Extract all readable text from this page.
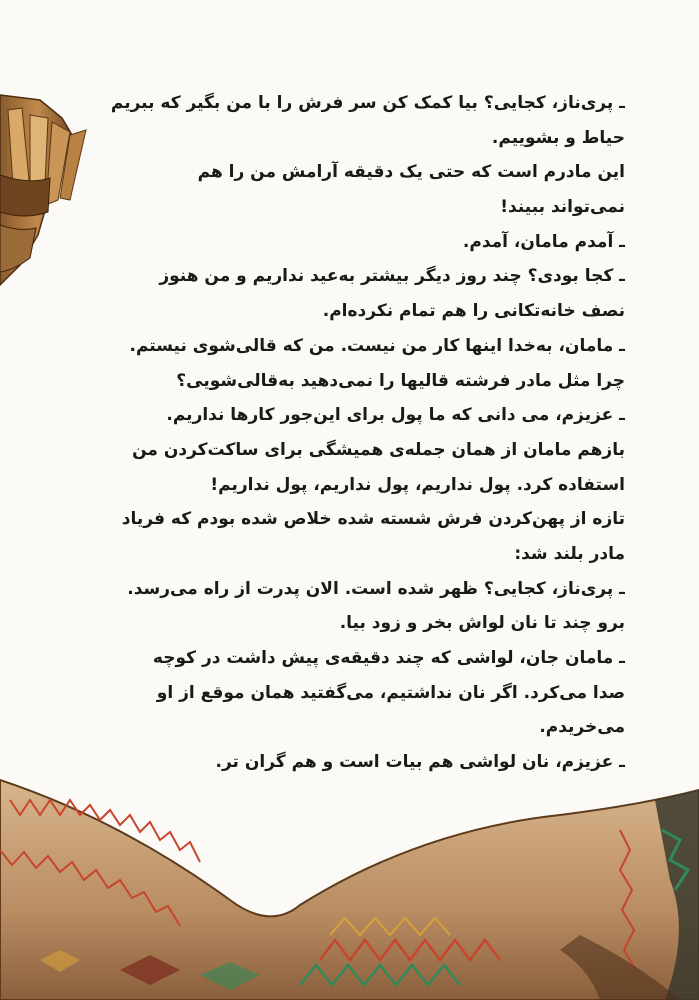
ـ پری‌ناز، کجایی؟ بیا کمک کن سر فرش را با من بگیر که ببریم
حیاط و بشوییم.
این مادرم است که حتی یک دقیقه آرامش من را هم
نمی‌تواند ببیند!
ـ آمدم مامان، آمدم.
ـ کجا بودی؟ چند روز دیگر بیشتر به‌عید نداریم و من هنوز
نصف خانه‌تکانی را هم تمام نکرده‌ام.
ـ مامان، به‌خدا اینها کار من نیست. من که قالی‌شوی نیستم.
چرا مثل مادر فرشته قالیها را نمی‌دهید به‌قالی‌شویی؟
ـ عزیزم، می دانی که ما پول برای این‌جور کارها نداریم.
بازهم مامان از همان جمله‌ی همیشگی برای ساکت‌کردن من
استفاده کرد. پول نداریم، پول نداریم، پول نداریم!
تازه از پهن‌کردن فرش شسته شده خلاص شده بودم که فریاد
مادر بلند شد:
ـ پری‌ناز، کجایی؟ ظهر شده است. الان پدرت از راه می‌رسد.
برو چند تا نان لواش بخر و زود بیا.
ـ مامان جان، لواشی که چند دقیقه‌ی پیش داشت در کوچه
صدا می‌کرد. اگر نان نداشتیم، می‌گفتید همان موقع از او
می‌خریدم.
ـ عزیزم، نان لواشی هم بیات است و هم گران تر.
